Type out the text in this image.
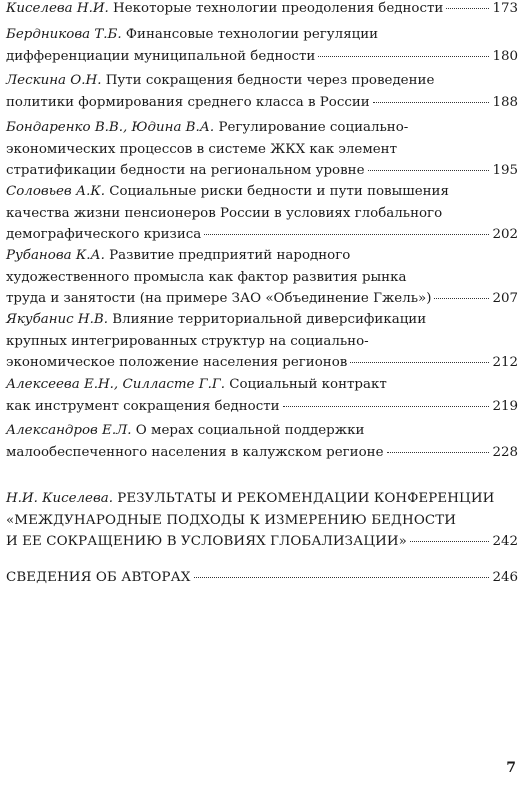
Киселева Н.И.
Некоторые технологии преодоления бедности	173
Бердникова Т.Б.
Финансовые технологии регуляции
дифференциации муниципальной бедности	180
Лескина О.Н.
Пути сокращения бедности через проведение
политики формирования среднего класса в России	188
Бондаренко В.В., Юдина В.А.
Регулирование социально-
экономических процессов в системе ЖКХ как элемент
стратификации бедности на региональном уровне	195
Соловьев А.К.
Социальные риски бедности и пути повышения
качества жизни пенсионеров России в условиях глобального
демографического кризиса	202
Рубанова К.А.
Развитие предприятий народного
художественного промысла как фактор развития рынка
труда и занятости (на примере ЗАО «Объединение Гжель»)	207
Якубанис Н.В.
Влияние территориальной диверсификации
крупных интегрированных структур на социально-
экономическое положение населения регионов	212
Алексеева Е.Н., Силласте Г.Г.
Социальный контракт
как инструмент сокращения бедности	219
Александров Е.Л.
О мерах социальной поддержки
малообеспеченного населения в калужском регионе	228
Н.И. Киселева.
РЕЗУЛЬТАТЫ И РЕКОМЕНДАЦИИ КОНФЕРЕНЦИИ
«МЕЖДУНАРОДНЫЕ ПОДХОДЫ К ИЗМЕРЕНИЮ БЕДНОСТИ
И ЕЕ СОКРАЩЕНИЮ В УСЛОВИЯХ ГЛОБАЛИЗАЦИИ»	242
СВЕДЕНИЯ ОБ АВТОРАХ	246
7
